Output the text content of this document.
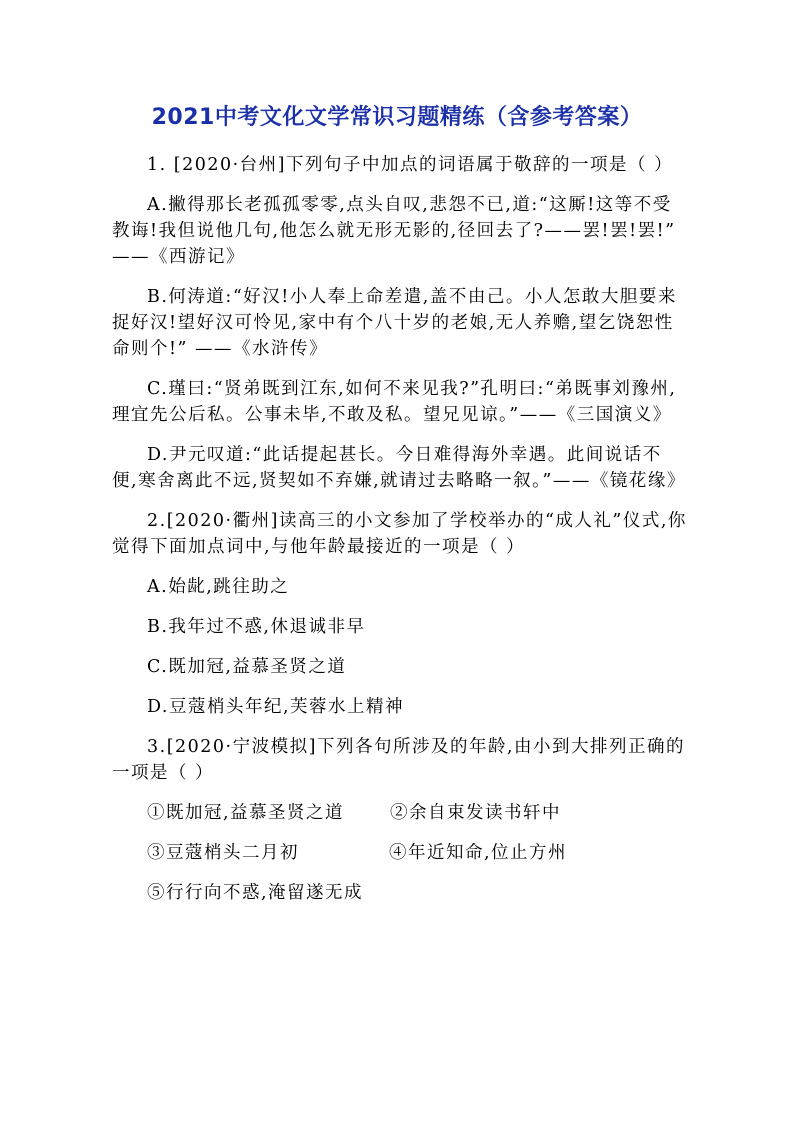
2021中考文化文学常识习题精练（含参考答案）
1. [2020·台州]下列句子中加点的词语属于敬辞的一项是（ ）
A.撇得那长老孤孤零零,点头自叹,悲怨不已,道:“这厮!这等不受教诲!我但说他几句,他怎么就无形无影的,径回去了?——罢!罢!罢!” ——《西游记》
B.何涛道:“好汉!小人奉上命差遣,盖不由己。小人怎敢大胆要来捉好汉!望好汉可怜见,家中有个八十岁的老娘,无人养赡,望乞饶恕性命则个!” ——《水浒传》
C.瑾曰:“贤弟既到江东,如何不来见我?”孔明曰:“弟既事刘豫州,理宜先公后私。公事未毕,不敢及私。望兄见谅。”——《三国演义》
D.尹元叹道:“此话提起甚长。今日难得海外幸遇。此间说话不便,寒舍离此不远,贤契如不弃嫌,就请过去略略一叙。”——《镜花缘》
2.[2020·衢州]读高三的小文参加了学校举办的“成人礼”仪式,你觉得下面加点词中,与他年龄最接近的一项是（ ）
A.始龀,跳往助之
B.我年过不惑,休退诚非早
C.既加冠,益慕圣贤之道
D.豆蔻梢头年纪,芙蓉水上精神
3.[2020·宁波模拟]下列各句所涉及的年龄,由小到大排列正确的一项是（ ）
①既加冠,益慕圣贤之道	②余自束发读书轩中
③豆蔻梢头二月初	④年近知命,位止方州
⑤行行向不惑,淹留遂无成
